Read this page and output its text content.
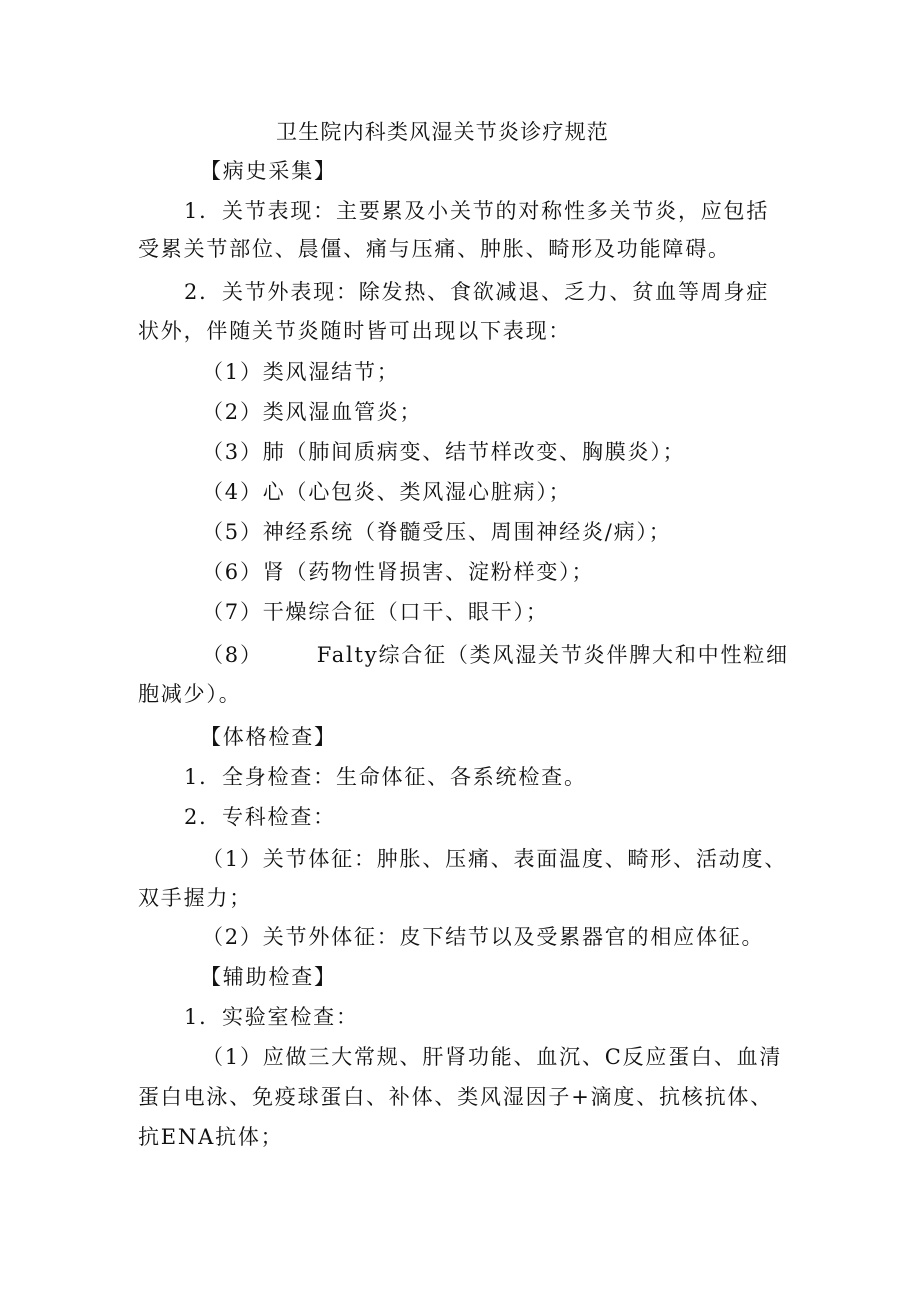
卫生院内科类风湿关节炎诊疗规范
【病史采集】
1．关节表现：主要累及小关节的对称性多关节炎，应包括
受累关节部位、晨僵、痛与压痛、肿胀、畸形及功能障碍。
2．关节外表现：除发热、食欲减退、乏力、贫血等周身症
状外，伴随关节炎随时皆可出现以下表现：
（1）类风湿结节；
（2）类风湿血管炎；
（3）肺（肺间质病变、结节样改变、胸膜炎）；
（4）心（心包炎、类风湿心脏病）；
（5）神经系统（脊髓受压、周围神经炎/病）；
（6）肾（药物性肾损害、淀粉样变）；
（7）干燥综合征（口干、眼干）；
（8）	Falty综合征（类风湿关节炎伴脾大和中性粒细
胞减少）。
【体格检查】
1．全身检查：生命体征、各系统检查。
2．专科检查：
（1）关节体征：肿胀、压痛、表面温度、畸形、活动度、
双手握力；
（2）关节外体征：皮下结节以及受累器官的相应体征。
【辅助检查】
1．实验室检查：
（1）应做三大常规、肝肾功能、血沉、C反应蛋白、血清
蛋白电泳、免疫球蛋白、补体、类风湿因子+滴度、抗核抗体、
抗ENA抗体；
